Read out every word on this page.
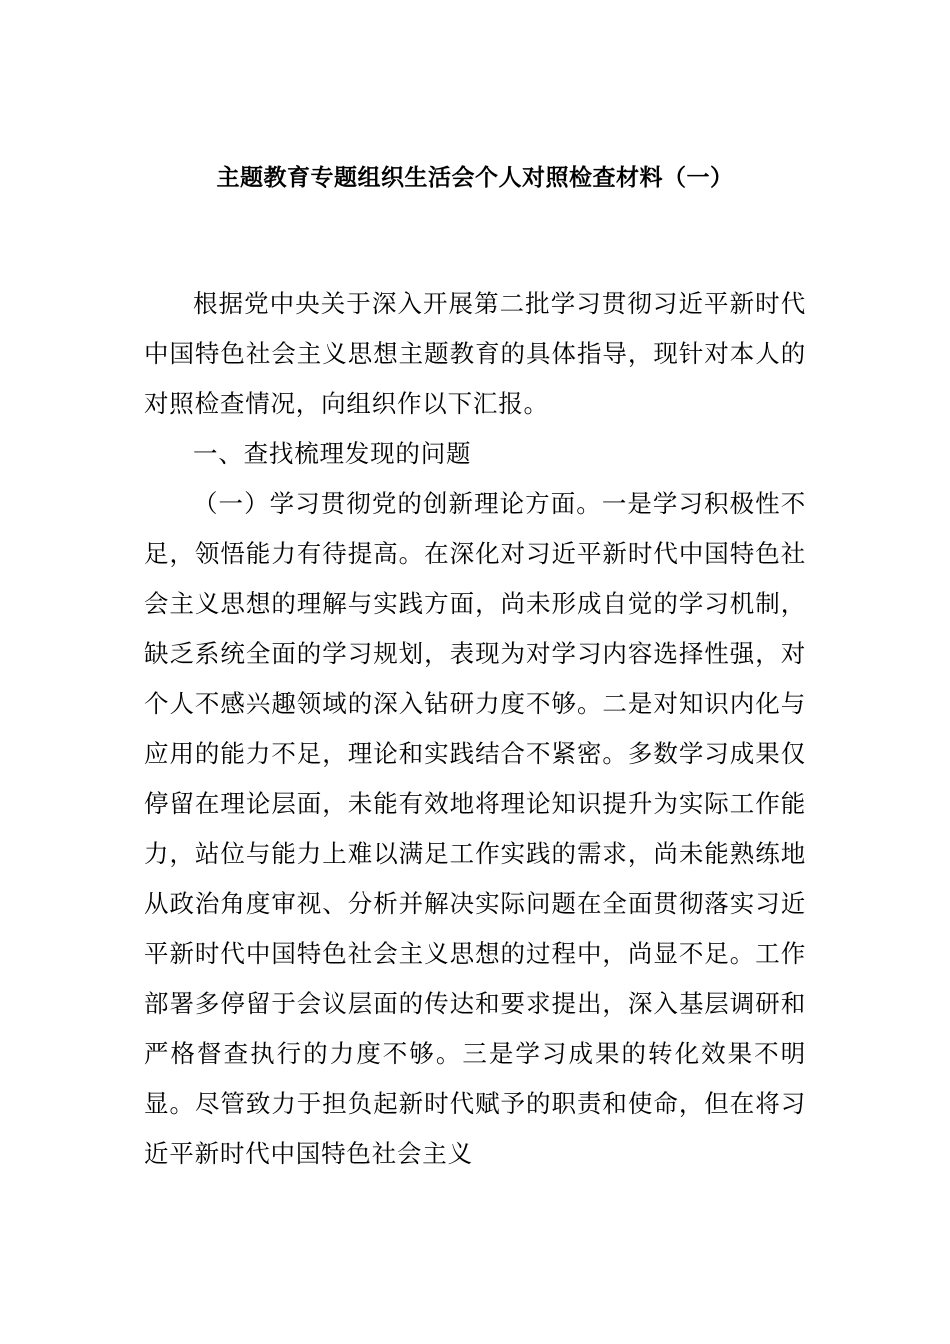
主题教育专题组织生活会个人对照检查材料（一）

根据党中央关于深入开展第二批学习贯彻习近平新时代中国特色社会主义思想主题教育的具体指导，现针对本人的对照检查情况，向组织作以下汇报。

一、查找梳理发现的问题

（一）学习贯彻党的创新理论方面。一是学习积极性不足，领悟能力有待提高。在深化对习近平新时代中国特色社会主义思想的理解与实践方面，尚未形成自觉的学习机制，缺乏系统全面的学习规划，表现为对学习内容选择性强，对个人不感兴趣领域的深入钻研力度不够。二是对知识内化与应用的能力不足，理论和实践结合不紧密。多数学习成果仅停留在理论层面，未能有效地将理论知识提升为实际工作能力，站位与能力上难以满足工作实践的需求，尚未能熟练地从政治角度审视、分析并解决实际问题在全面贯彻落实习近平新时代中国特色社会主义思想的过程中，尚显不足。工作部署多停留于会议层面的传达和要求提出，深入基层调研和严格督查执行的力度不够。三是学习成果的转化效果不明显。尽管致力于担负起新时代赋予的职责和使命，但在将习近平新时代中国特色社会主义
